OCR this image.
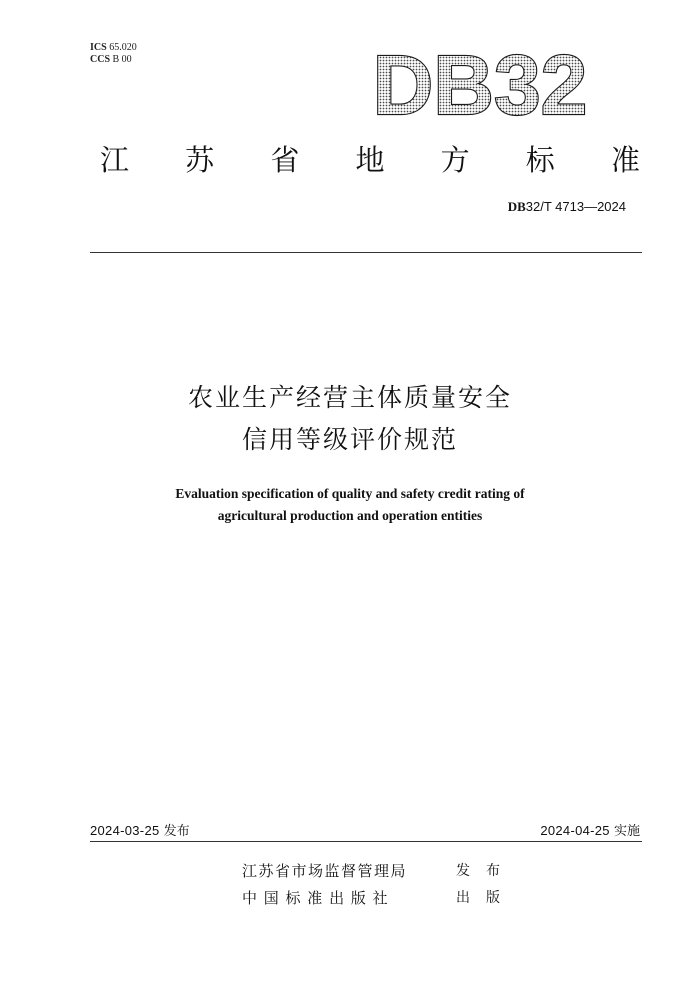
ICS 65.020
CCS B 00	DB32
江 苏 省 地 方 标 准
DB32/T 4713—2024
农业生产经营主体质量安全
信用等级评价规范
Evaluation specification of quality and safety credit rating of
agricultural production and operation entities
2024-03-25 发布	2024-04-25 实施
江苏省市场监督管理局	发布
中 国 标 准 出 版 社	出版
